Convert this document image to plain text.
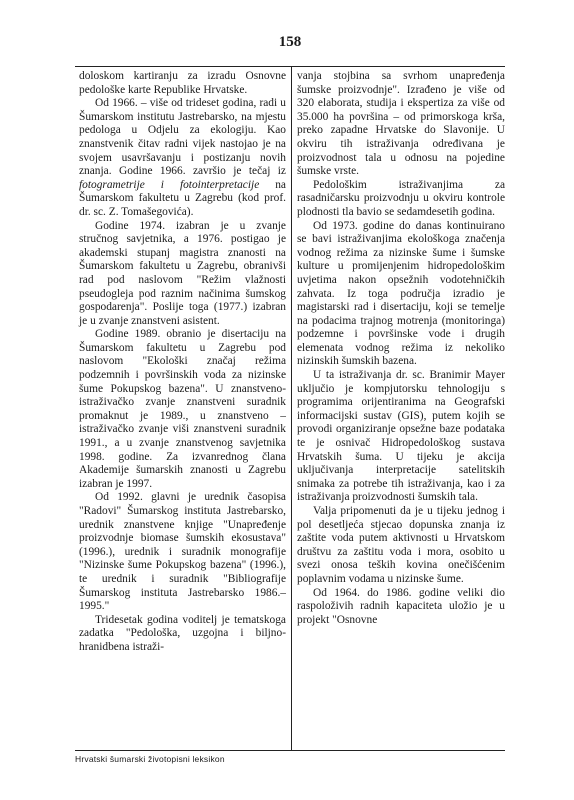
158

doloskom kartiranju za izradu Osnovne pedološke karte Republike Hrvatske.

Od 1966. – više od trideset godina, radi u Šumarskom institutu Jastrebarsko, na mjestu pedologa u Odjelu za ekologiju. Kao znanstvenik čitav radni vijek nastojao je na svojem usavršavanju i postizanju novih znanja. Godine 1966. završio je tečaj iz fotogrametrije i fotointerpretacije na Šumarskom fakultetu u Zagrebu (kod prof. dr. sc. Z. Tomašegovića).

Godine 1974. izabran je u zvanje stručnog savjetnika, a 1976. postigao je akademski stupanj magistra znanosti na Šumarskom fakultetu u Zagrebu, obranivši rad pod naslovom "Režim vlažnosti pseudogleja pod raznim načinima šumskog gospodarenja". Poslije toga (1977.) izabran je u zvanje znanstveni asistent.

Godine 1989. obranio je disertaciju na Šumarskom fakultetu u Zagrebu pod naslovom "Ekološki značaj režima podzemnih i površinskih voda za nizinske šume Pokupskog bazena". U znanstveno-istraživačko zvanje znanstveni suradnik promaknut je 1989., u znanstveno – istraživačko zvanje viši znanstveni suradnik 1991., a u zvanje znanstvenog savjetnika 1998. godine. Za izvanrednog člana Akademije šumarskih znanosti u Zagrebu izabran je 1997.

Od 1992. glavni je urednik časopisa "Radovi" Šumarskog instituta Jastrebarsko, urednik znanstvene knjige "Unapređenje proizvodnje biomase šumskih ekosustava" (1996.), urednik i suradnik monografije "Nizinske šume Pokupskog bazena" (1996.), te urednik i suradnik "Bibliografije Šumarskog instituta Jastrebarsko 1986.–1995."

Tridesetak godina voditelj je tematskoga zadatka "Pedološka, uzgojna i biljno-hranidbena istraži-

vanja stojbina sa svrhom unapređenja šumske proizvodnje". Izrađeno je više od 320 elaborata, studija i ekspertiza za više od 35.000 ha površina – od primorskoga krša, preko zapadne Hrvatske do Slavonije. U okviru tih istraživanja određivana je proizvodnost tala u odnosu na pojedine šumske vrste.

Pedološkim istraživanjima za rasadničarsku proizvodnju u okviru kontrole plodnosti tla bavio se sedamdesetih godina.

Od 1973. godine do danas kontinuirano se bavi istraživanjima ekološkoga značenja vodnog režima za nizinske šume i šumske kulture u promijenjenim hidropedološkim uvjetima nakon opsežnih vodotehničkih zahvata. Iz toga područja izradio je magistarski rad i disertaciju, koji se temelje na podacima trajnog motrenja (monitoringa) podzemne i površinske vode i drugih elemenata vodnog režima iz nekoliko nizinskih šumskih bazena.

U ta istraživanja dr. sc. Branimir Mayer uključio je kompjutorsku tehnologiju s programima orijentiranima na Geografski informacijski sustav (GIS), putem kojih se provodi organiziranje opsežne baze podataka te je osnivač Hidropedološkog sustava Hrvatskih šuma. U tijeku je akcija uključivanja interpretacije satelitskih snimaka za potrebe tih istraživanja, kao i za istraživanja proizvodnosti šumskih tala.

Valja pripomenuti da je u tijeku jednog i pol desetljeća stjecao dopunska znanja iz zaštite voda putem aktivnosti u Hrvatskom društvu za zaštitu voda i mora, osobito u svezi onosa teških kovina onečišćenim poplavnim vodama u nizinske šume.

Od 1964. do 1986. godine veliki dio raspoloživih radnih kapaciteta uložio je u projekt "Osnovne

Hrvatski šumarski životopisni leksikon
